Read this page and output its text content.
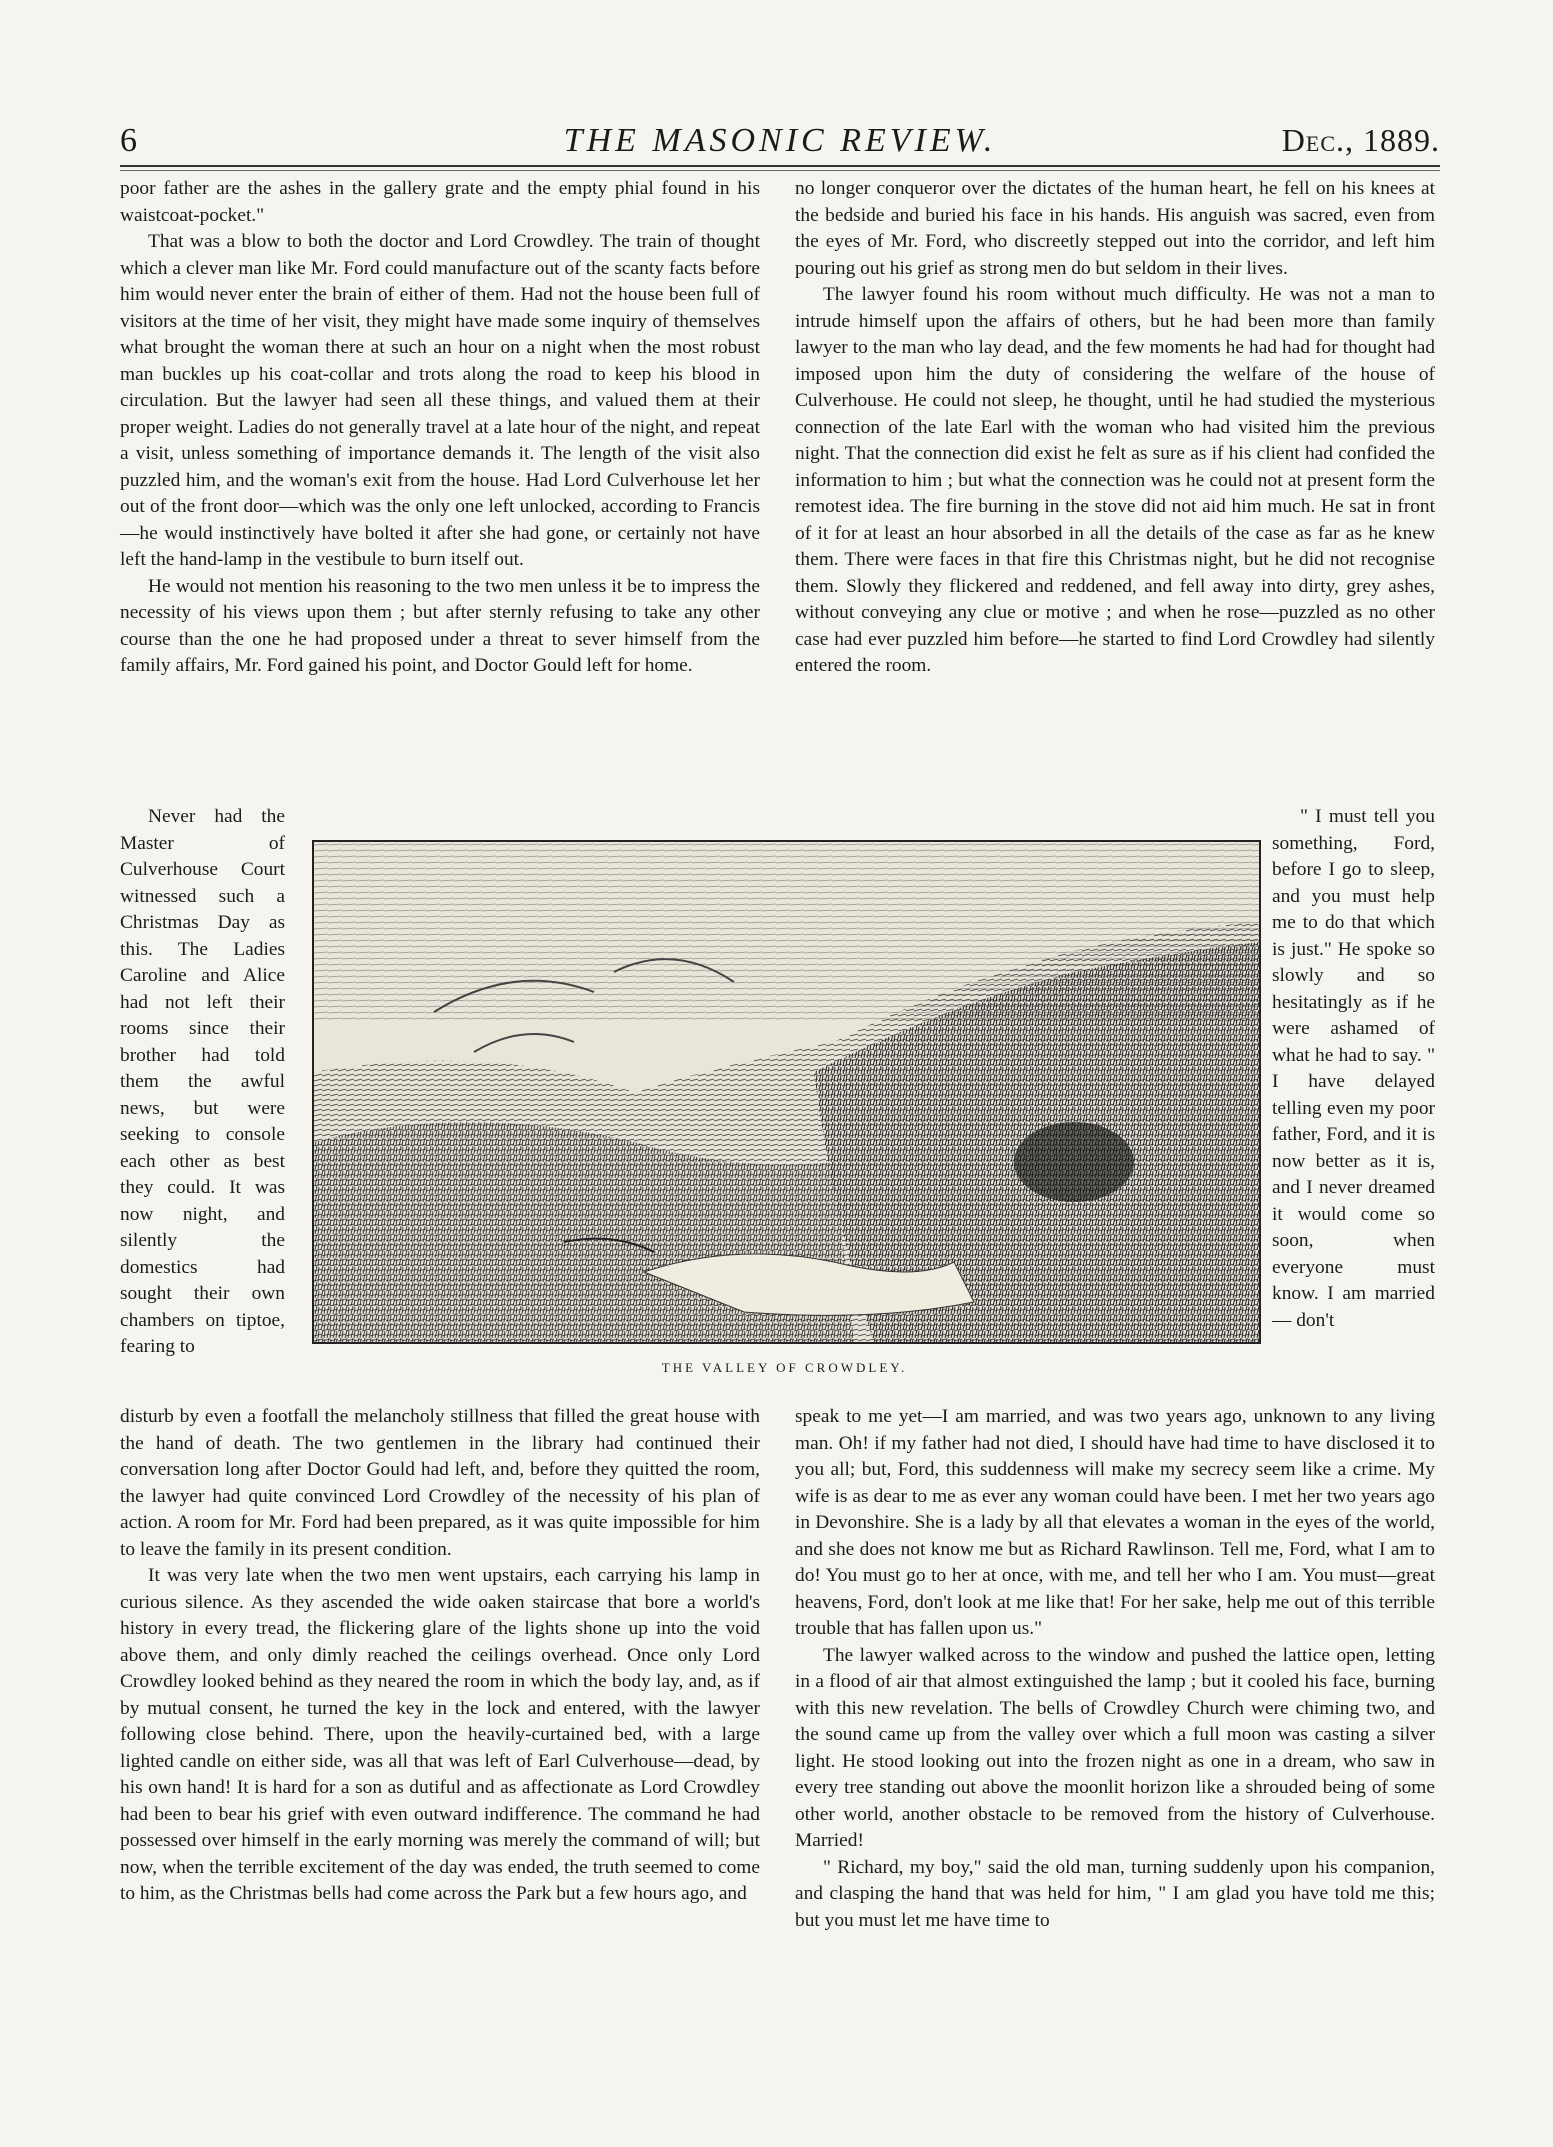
6	THE MASONIC REVIEW.	Dec., 1889.

poor father are the ashes in the gallery grate and the empty phial found in his waistcoat-pocket."

That was a blow to both the doctor and Lord Crowdley. The train of thought which a clever man like Mr. Ford could manufacture out of the scanty facts before him would never enter the brain of either of them. Had not the house been full of visitors at the time of her visit, they might have made some inquiry of themselves what brought the woman there at such an hour on a night when the most robust man buckles up his coat-collar and trots along the road to keep his blood in circulation. But the lawyer had seen all these things, and valued them at their proper weight. Ladies do not generally travel at a late hour of the night, and repeat a visit, unless something of importance demands it. The length of the visit also puzzled him, and the woman's exit from the house. Had Lord Culverhouse let her out of the front door—which was the only one left unlocked, according to Francis—he would instinctively have bolted it after she had gone, or certainly not have left the hand-lamp in the vestibule to burn itself out.

He would not mention his reasoning to the two men unless it be to impress the necessity of his views upon them ; but after sternly refusing to take any other course than the one he had proposed under a threat to sever himself from the family affairs, Mr. Ford gained his point, and Doctor Gould left for home.

no longer conqueror over the dictates of the human heart, he fell on his knees at the bedside and buried his face in his hands. His anguish was sacred, even from the eyes of Mr. Ford, who discreetly stepped out into the corridor, and left him pouring out his grief as strong men do but seldom in their lives.

The lawyer found his room without much difficulty. He was not a man to intrude himself upon the affairs of others, but he had been more than family lawyer to the man who lay dead, and the few moments he had had for thought had imposed upon him the duty of considering the welfare of the house of Culverhouse. He could not sleep, he thought, until he had studied the mysterious connection of the late Earl with the woman who had visited him the previous night. That the connection did exist he felt as sure as if his client had confided the information to him ; but what the connection was he could not at present form the remotest idea. The fire burning in the stove did not aid him much. He sat in front of it for at least an hour absorbed in all the details of the case as far as he knew them. There were faces in that fire this Christmas night, but he did not recognise them. Slowly they flickered and reddened, and fell away into dirty, grey ashes, without conveying any clue or motive ; and when he rose—puzzled as no other case had ever puzzled him before—he started to find Lord Crowdley had silently entered the room.

Never had the Master of Culverhouse Court witnessed such a Christmas Day as this. The Ladies Caroline and Alice had not left their rooms since their brother had told them the awful news, but were seeking to console each other as best they could. It was now night, and silently the domestics had sought their own chambers on tiptoe, fearing to

THE VALLEY OF CROWDLEY.

" I must tell you something, Ford, before I go to sleep, and you must help me to do that which is just." He spoke so slowly and so hesitatingly as if he were ashamed of what he had to say. " I have delayed telling even my poor father, Ford, and it is now better as it is, and I never dreamed it would come so soon, when everyone must know. I am married — don't

disturb by even a footfall the melancholy stillness that filled the great house with the hand of death. The two gentlemen in the library had continued their conversation long after Doctor Gould had left, and, before they quitted the room, the lawyer had quite convinced Lord Crowdley of the necessity of his plan of action. A room for Mr. Ford had been prepared, as it was quite impossible for him to leave the family in its present condition.

It was very late when the two men went upstairs, each carrying his lamp in curious silence. As they ascended the wide oaken staircase that bore a world's history in every tread, the flickering glare of the lights shone up into the void above them, and only dimly reached the ceilings overhead. Once only Lord Crowdley looked behind as they neared the room in which the body lay, and, as if by mutual consent, he turned the key in the lock and entered, with the lawyer following close behind. There, upon the heavily-curtained bed, with a large lighted candle on either side, was all that was left of Earl Culverhouse—dead, by his own hand! It is hard for a son as dutiful and as affectionate as Lord Crowdley had been to bear his grief with even outward indifference. The command he had possessed over himself in the early morning was merely the command of will; but now, when the terrible excitement of the day was ended, the truth seemed to come to him, as the Christmas bells had come across the Park but a few hours ago, and

speak to me yet—I am married, and was two years ago, unknown to any living man. Oh! if my father had not died, I should have had time to have disclosed it to you all; but, Ford, this suddenness will make my secrecy seem like a crime. My wife is as dear to me as ever any woman could have been. I met her two years ago in Devonshire. She is a lady by all that elevates a woman in the eyes of the world, and she does not know me but as Richard Rawlinson. Tell me, Ford, what I am to do! You must go to her at once, with me, and tell her who I am. You must—great heavens, Ford, don't look at me like that! For her sake, help me out of this terrible trouble that has fallen upon us."

The lawyer walked across to the window and pushed the lattice open, letting in a flood of air that almost extinguished the lamp ; but it cooled his face, burning with this new revelation. The bells of Crowdley Church were chiming two, and the sound came up from the valley over which a full moon was casting a silver light. He stood looking out into the frozen night as one in a dream, who saw in every tree standing out above the moonlit horizon like a shrouded being of some other world, another obstacle to be removed from the history of Culverhouse. Married!

" Richard, my boy," said the old man, turning suddenly upon his companion, and clasping the hand that was held for him, " I am glad you have told me this; but you must let me have time to
